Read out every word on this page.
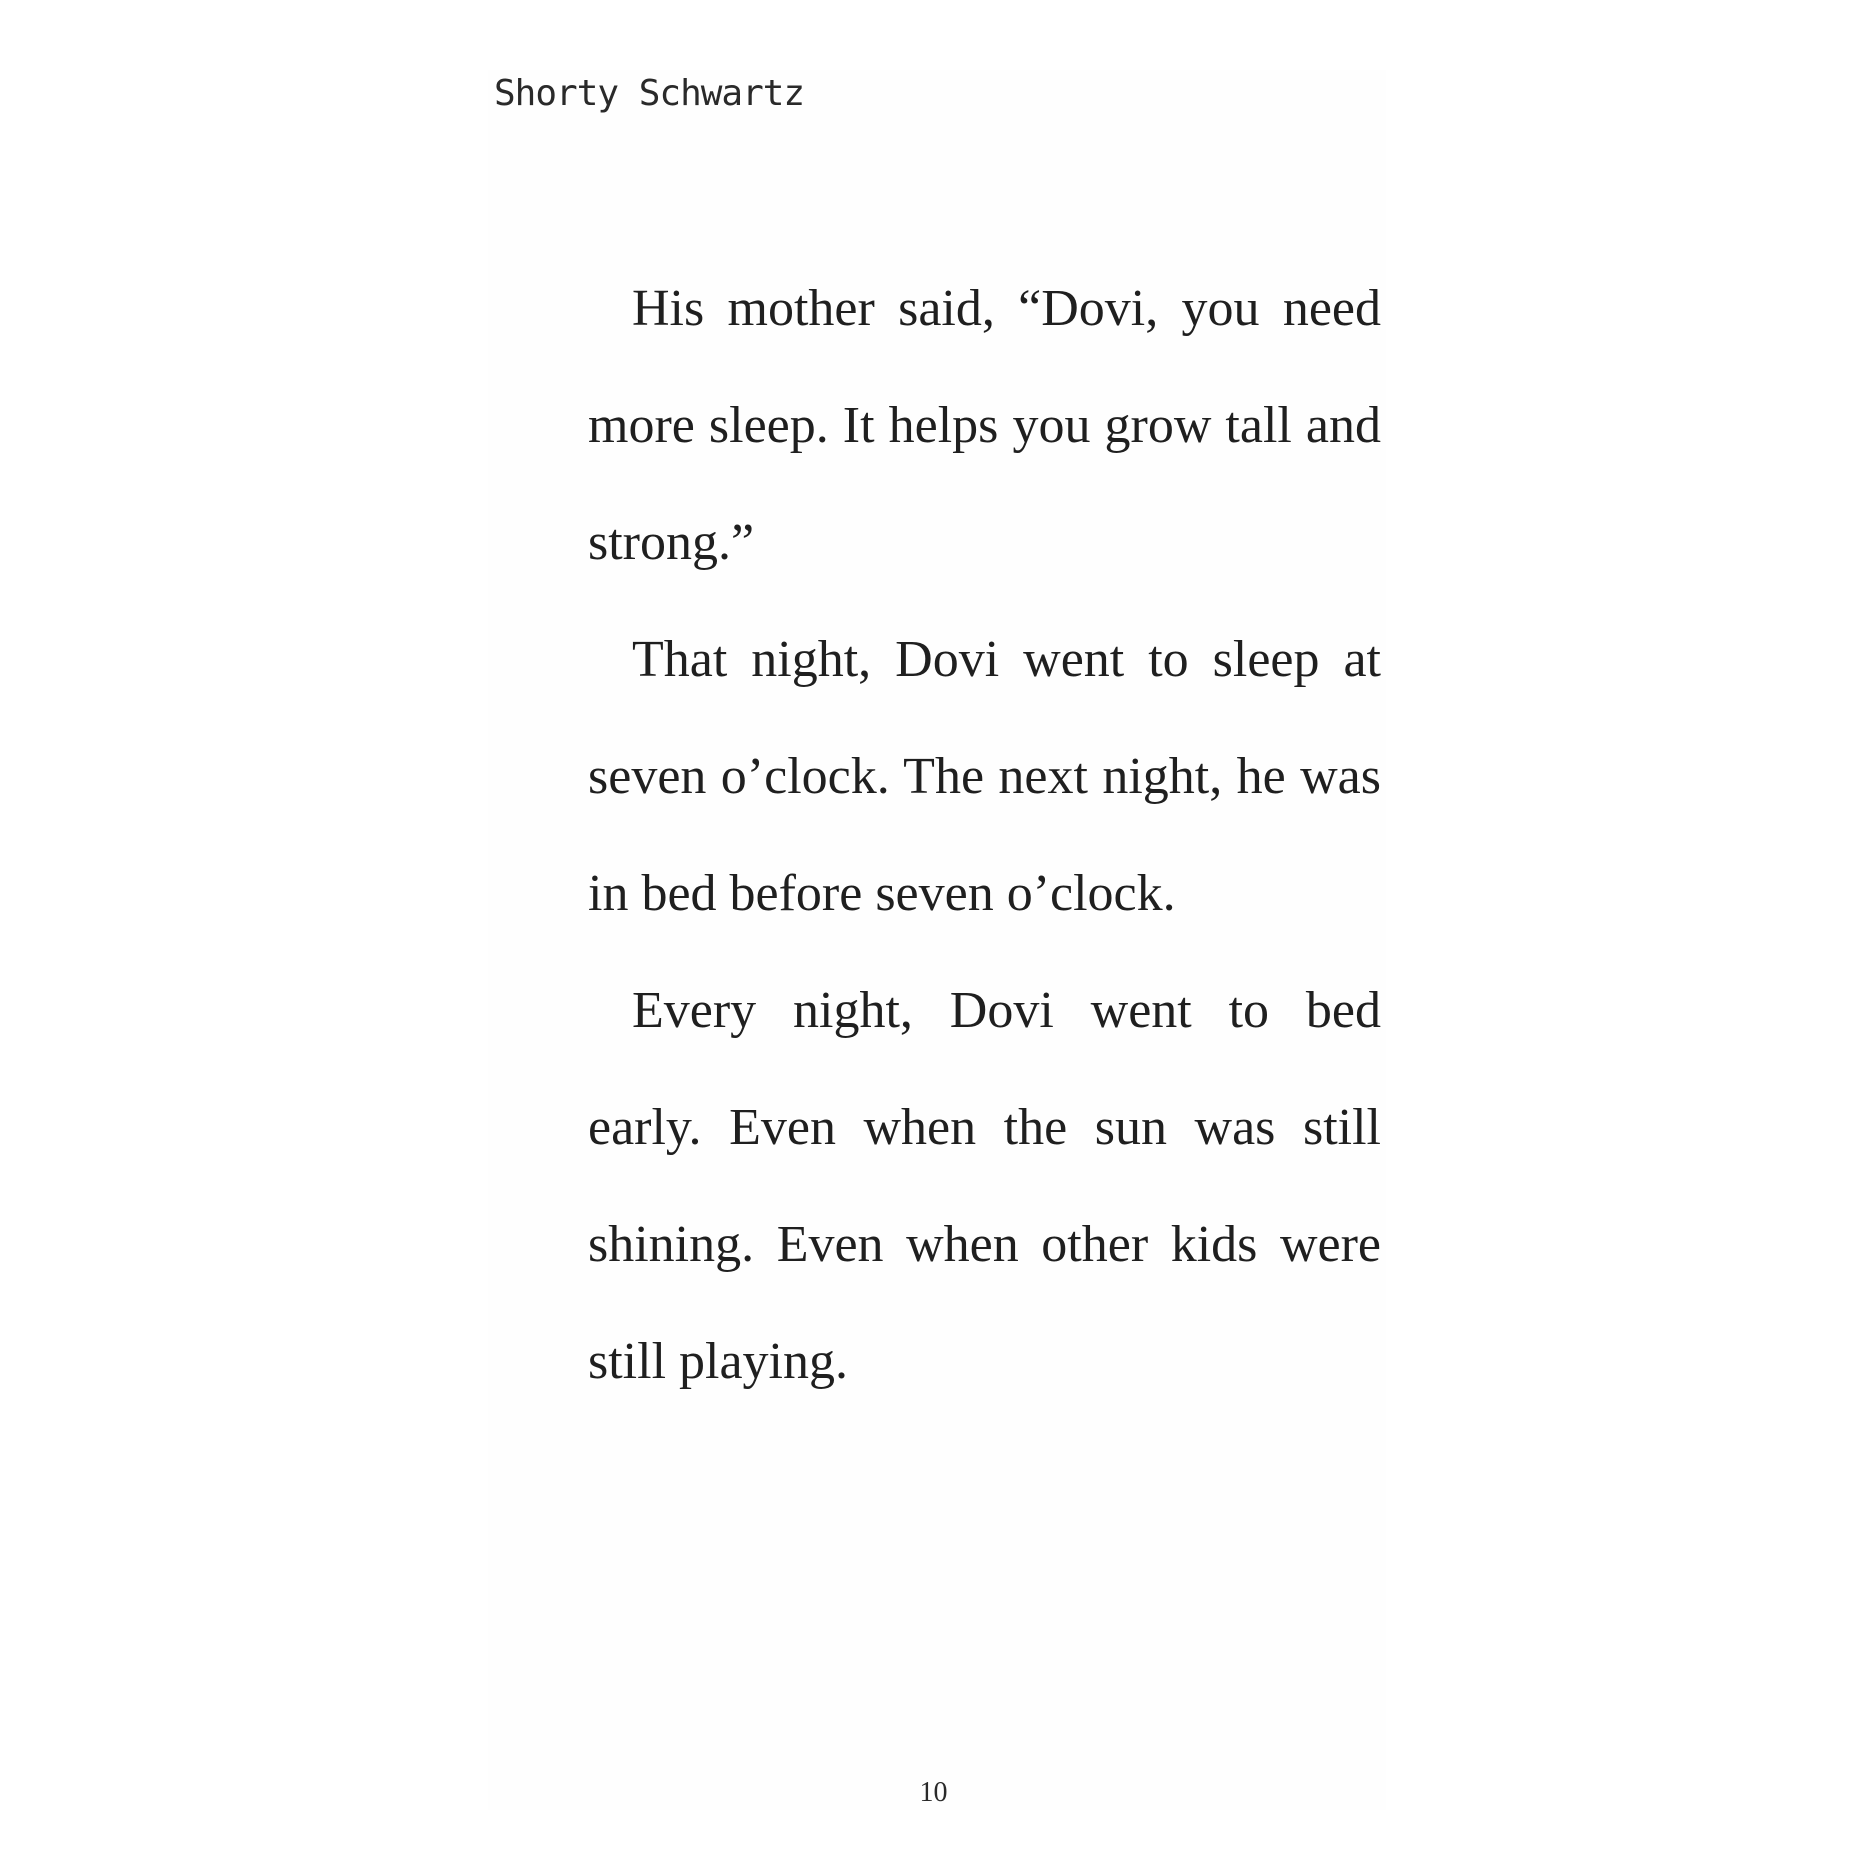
Shorty Schwartz

His mother said, “Dovi, you need more sleep. It helps you grow tall and strong.”

That night, Dovi went to sleep at seven o’clock. The next night, he was in bed before seven o’clock.

Every night, Dovi went to bed early. Even when the sun was still shining. Even when other kids were still playing.

10
